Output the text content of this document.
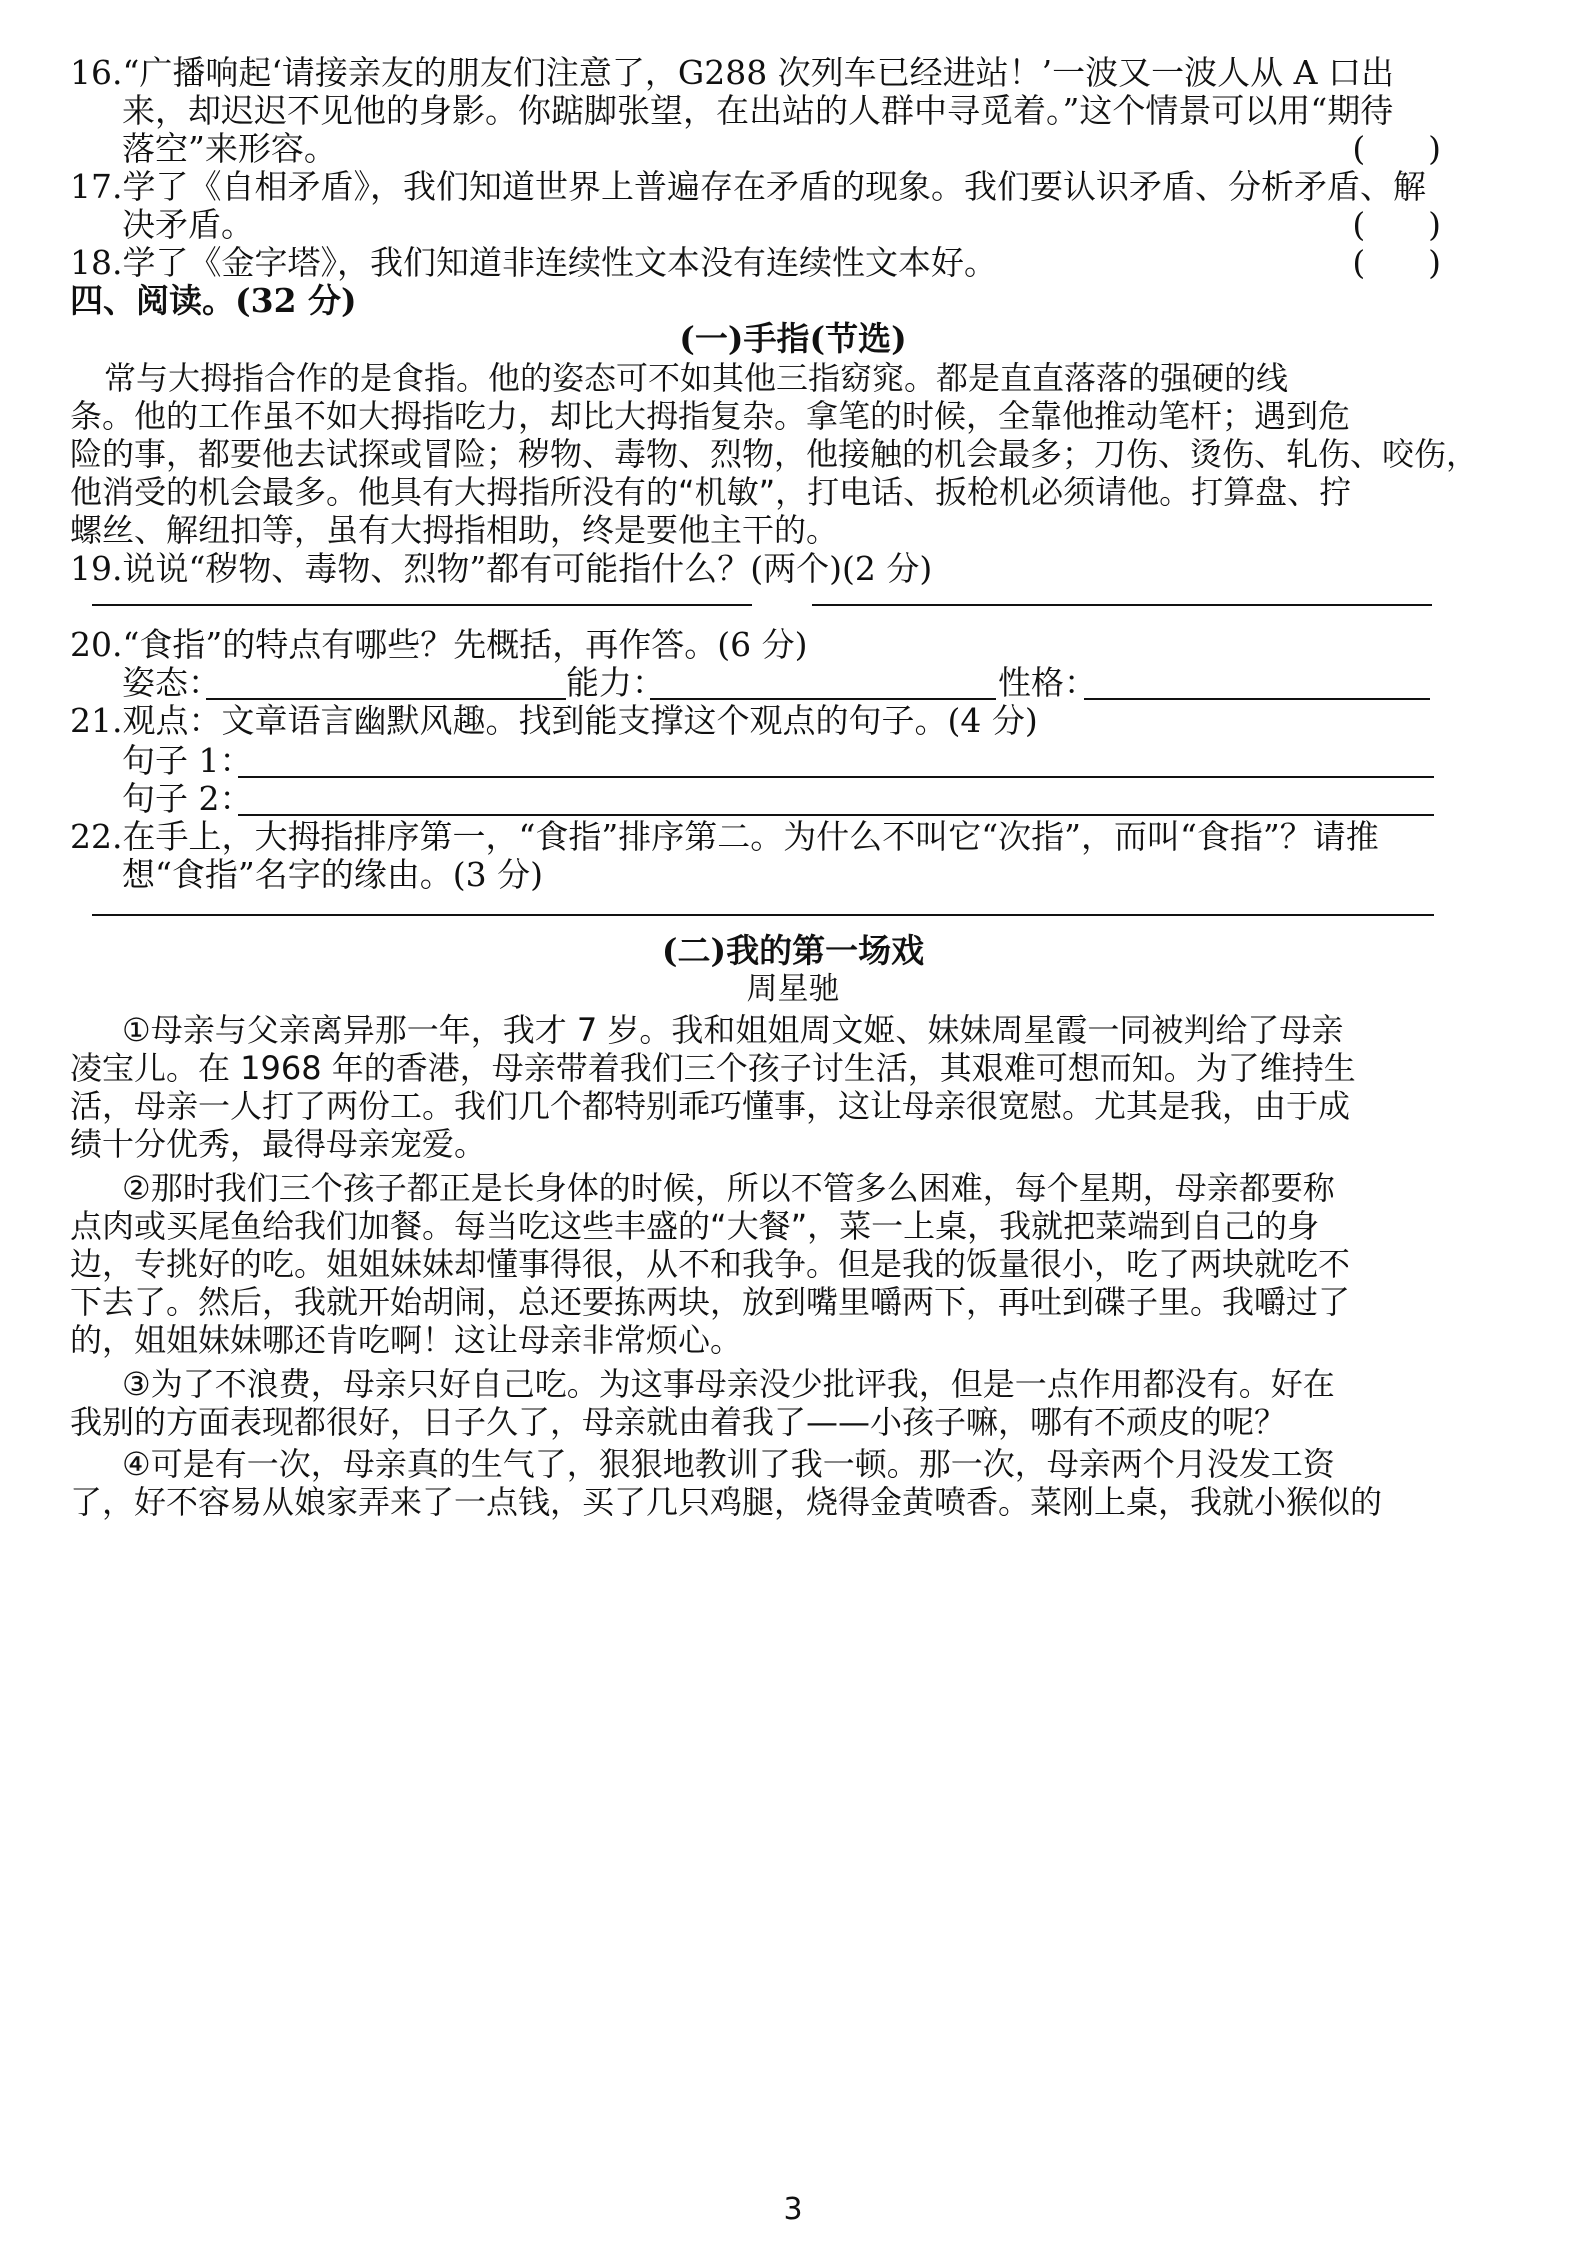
16.“广播响起‘请接亲友的朋友们注意了，G288 次列车已经进站！’一波又一波人从 A 口出
来，却迟迟不见他的身影。你踮脚张望，在出站的人群中寻觅着。”这个情景可以用“期待
落空”来形容。	(      )
17.学了《自相矛盾》，我们知道世界上普遍存在矛盾的现象。我们要认识矛盾、分析矛盾、解
决矛盾。	(      )
18.学了《金字塔》，我们知道非连续性文本没有连续性文本好。	(      )
四、阅读。(32 分)
(一)手指(节选)
常与大拇指合作的是食指。他的姿态可不如其他三指窈窕。都是直直落落的强硬的线
条。他的工作虽不如大拇指吃力，却比大拇指复杂。拿笔的时候，全靠他推动笔杆；遇到危
险的事，都要他去试探或冒险；秽物、毒物、烈物，他接触的机会最多；刀伤、烫伤、轧伤、咬伤，
他消受的机会最多。他具有大拇指所没有的“机敏”，打电话、扳枪机必须请他。打算盘、拧
螺丝、解纽扣等，虽有大拇指相助，终是要他主干的。
19.说说“秽物、毒物、烈物”都有可能指什么？(两个)(2 分)
20.“食指”的特点有哪些？先概括，再作答。(6 分)
姿态：	能力：	性格：
21.观点：文章语言幽默风趣。找到能支撑这个观点的句子。(4 分)
句子 1：
句子 2：
22.在手上，大拇指排序第一，“食指”排序第二。为什么不叫它“次指”，而叫“食指”？请推
想“食指”名字的缘由。(3 分)
(二)我的第一场戏
周星驰
①母亲与父亲离异那一年，我才 7 岁。我和姐姐周文姬、妹妹周星霞一同被判给了母亲
凌宝儿。在 1968 年的香港，母亲带着我们三个孩子讨生活，其艰难可想而知。为了维持生
活，母亲一人打了两份工。我们几个都特别乖巧懂事，这让母亲很宽慰。尤其是我，由于成
绩十分优秀，最得母亲宠爱。
②那时我们三个孩子都正是长身体的时候，所以不管多么困难，每个星期，母亲都要称
点肉或买尾鱼给我们加餐。每当吃这些丰盛的“大餐”，菜一上桌，我就把菜端到自己的身
边，专挑好的吃。姐姐妹妹却懂事得很，从不和我争。但是我的饭量很小，吃了两块就吃不
下去了。然后，我就开始胡闹，总还要拣两块，放到嘴里嚼两下，再吐到碟子里。我嚼过了
的，姐姐妹妹哪还肯吃啊！这让母亲非常烦心。
③为了不浪费，母亲只好自己吃。为这事母亲没少批评我，但是一点作用都没有。好在
我别的方面表现都很好，日子久了，母亲就由着我了——小孩子嘛，哪有不顽皮的呢？
④可是有一次，母亲真的生气了，狠狠地教训了我一顿。那一次，母亲两个月没发工资
了，好不容易从娘家弄来了一点钱，买了几只鸡腿，烧得金黄喷香。菜刚上桌，我就小猴似的
3
